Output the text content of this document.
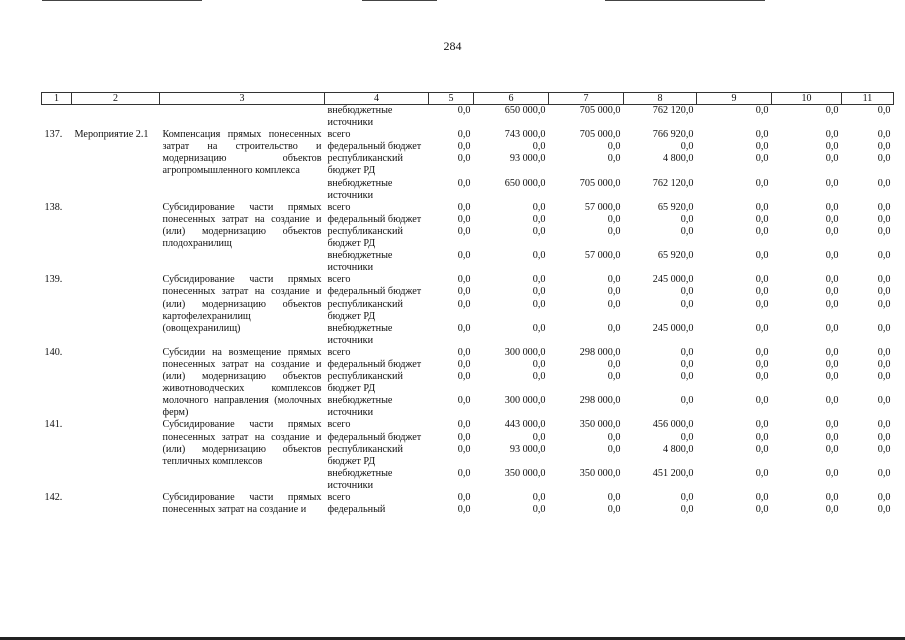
284
1	2	3	4	5	6	7	8	9	10	11
			внебюджетные источники	0,0	650 000,0	705 000,0	762 120,0	0,0	0,0	0,0
137.	Мероприятие 2.1	Компенсация прямых понесенных затрат на строительство и модернизацию объектов агропромышленного комплекса	всего	0,0	743 000,0	705 000,0	766 920,0	0,0	0,0	0,0
			федеральный бюджет	0,0	0,0	0,0	0,0	0,0	0,0	0,0
			республиканский бюджет РД	0,0	93 000,0	0,0	4 800,0	0,0	0,0	0,0
			внебюджетные источники	0,0	650 000,0	705 000,0	762 120,0	0,0	0,0	0,0
138.		Субсидирование части прямых понесенных затрат на создание и (или) модернизацию объектов плодохранилищ	всего	0,0	0,0	57 000,0	65 920,0	0,0	0,0	0,0
			федеральный бюджет	0,0	0,0	0,0	0,0	0,0	0,0	0,0
			республиканский бюджет РД	0,0	0,0	0,0	0,0	0,0	0,0	0,0
			внебюджетные источники	0,0	0,0	57 000,0	65 920,0	0,0	0,0	0,0
139.		Субсидирование части прямых понесенных затрат на создание и (или) модернизацию объектов картофелехранилищ (овощехранилищ)	всего	0,0	0,0	0,0	245 000,0	0,0	0,0	0,0
			федеральный бюджет	0,0	0,0	0,0	0,0	0,0	0,0	0,0
			республиканский бюджет РД	0,0	0,0	0,0	0,0	0,0	0,0	0,0
			внебюджетные источники	0,0	0,0	0,0	245 000,0	0,0	0,0	0,0
140.		Субсидии на возмещение прямых понесенных затрат на создание и (или) модернизацию объектов животноводческих комплексов молочного направления (молочных ферм)	всего	0,0	300 000,0	298 000,0	0,0	0,0	0,0	0,0
			федеральный бюджет	0,0	0,0	0,0	0,0	0,0	0,0	0,0
			республиканский бюджет РД	0,0	0,0	0,0	0,0	0,0	0,0	0,0
			внебюджетные источники	0,0	300 000,0	298 000,0	0,0	0,0	0,0	0,0
141.		Субсидирование части прямых понесенных затрат на создание и (или) модернизацию объектов тепличных комплексов	всего	0,0	443 000,0	350 000,0	456 000,0	0,0	0,0	0,0
			федеральный бюджет	0,0	0,0	0,0	0,0	0,0	0,0	0,0
			республиканский бюджет РД	0,0	93 000,0	0,0	4 800,0	0,0	0,0	0,0
			внебюджетные источники	0,0	350 000,0	350 000,0	451 200,0	0,0	0,0	0,0
142.		Субсидирование части прямых понесенных затрат на создание и	всего	0,0	0,0	0,0	0,0	0,0	0,0	0,0
			федеральный	0,0	0,0	0,0	0,0	0,0	0,0	0,0
